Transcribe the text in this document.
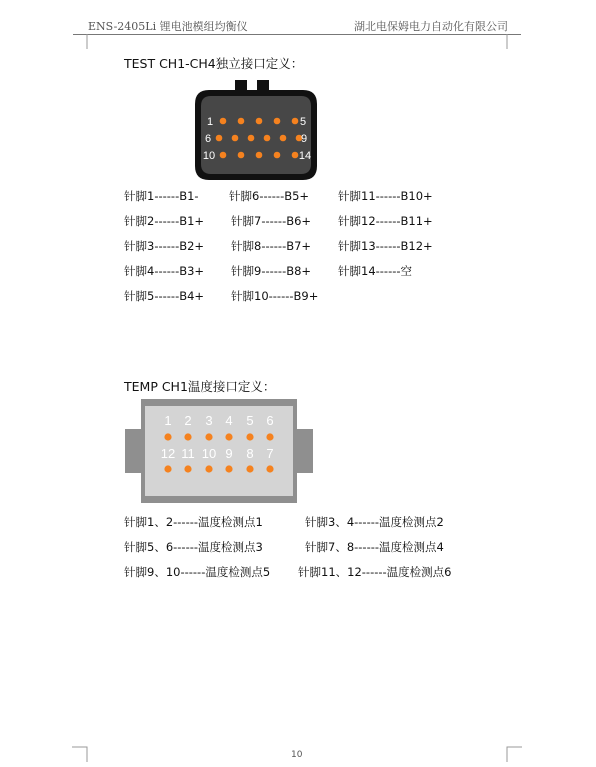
ENS-2405Li 锂电池模组均衡仪	湖北电保姆电力自动化有限公司
TEST CH1-CH4独立接口定义：
1	5
6	9
10	14
针脚1------B1-	针脚6------B5+	针脚11------B10+
针脚2------B1+ 针脚7------B6+ 针脚12------B11+
针脚3------B2+ 针脚8------B7+ 针脚13------B12+
针脚4------B3+ 针脚9------B8+ 针脚14------空
针脚5------B4+ 针脚10------B9+
TEMP CH1温度接口定义：
1 2 3 4 5 6
12 11 10 9 8 7
针脚1、2------温度检测点1	针脚3、4------温度检测点2
针脚5、6------温度检测点3	针脚7、8------温度检测点4
针脚9、10------温度检测点5 针脚11、12------温度检测点6
10
